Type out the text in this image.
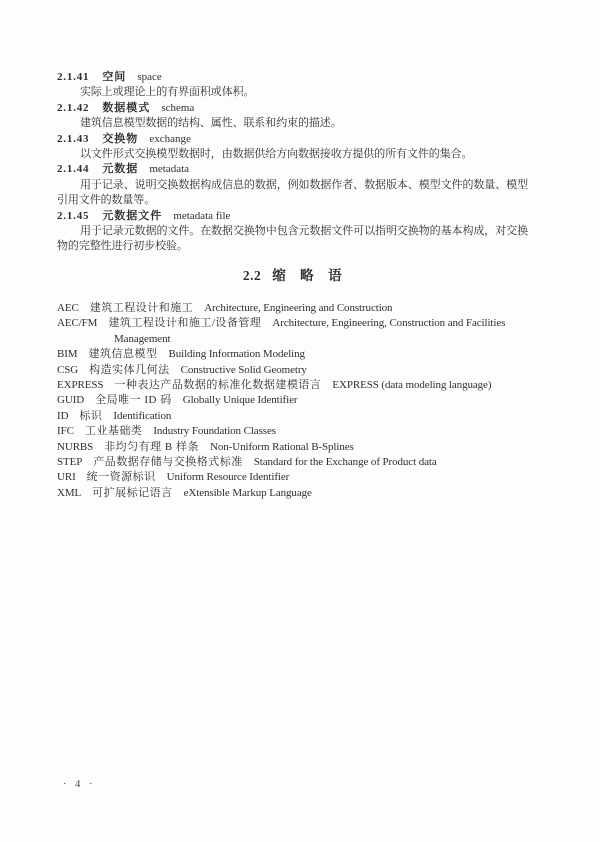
2.1.41 空间 space

实际上或理论上的有界面积或体积。

2.1.42 数据模式 schema

建筑信息模型数据的结构、属性、联系和约束的描述。

2.1.43 交换物 exchange

以文件形式交换模型数据时，由数据供给方向数据接收方提供的所有文件的集合。

2.1.44 元数据 metadata

用于记录、说明交换数据构成信息的数据，例如数据作者、数据版本、模型文件的数量、模型引用文件的数量等。

2.1.45 元数据文件 metadata file

用于记录元数据的文件。在数据交换物中包含元数据文件可以指明交换物的基本构成，对交换物的完整性进行初步校验。

2.2 缩　略　语
AEC 建筑工程设计和施工 Architecture, Engineering and Construction
AEC/FM 建筑工程设计和施工/设备管理 Architecture, Engineering, Construction and Facilities Management
BIM 建筑信息模型 Building Information Modeling
CSG 构造实体几何法 Constructive Solid Geometry
EXPRESS 一种表达产品数据的标准化数据建模语言 EXPRESS (data modeling language)
GUID 全局唯一 ID 码 Globally Unique Identifier
ID 标识 Identification
IFC 工业基础类 Industry Foundation Classes
NURBS 非均匀有理 B 样条 Non-Uniform Rational B-Splines
STEP 产品数据存储与交换格式标准 Standard for the Exchange of Product data
URI 统一资源标识 Uniform Resource Identifier
XML 可扩展标记语言 eXtensible Markup Language
· 4 ·
